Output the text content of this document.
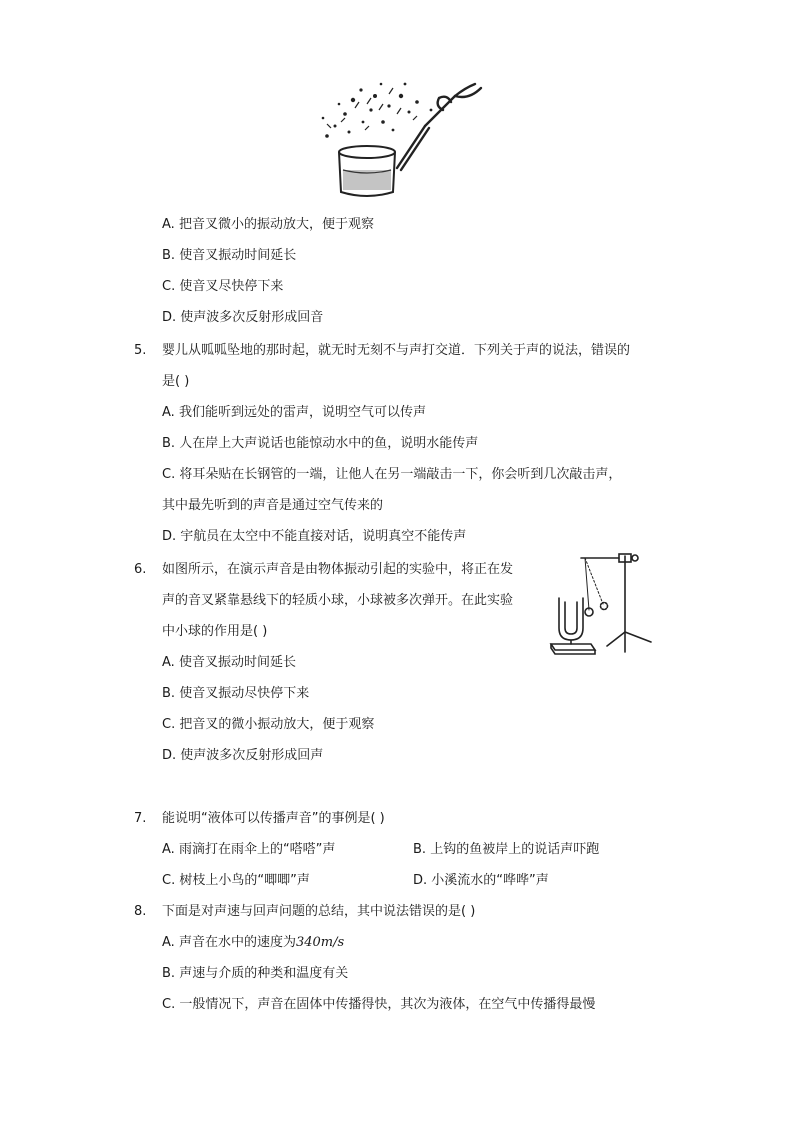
A. 把音叉微小的振动放大，便于观察
B. 使音叉振动时间延长
C. 使音叉尽快停下来
D. 使声波多次反射形成回音
5. 婴儿从呱呱坠地的那时起，就无时无刻不与声打交道．下列关于声的说法，错误的
是( )
A. 我们能听到远处的雷声，说明空气可以传声
B. 人在岸上大声说话也能惊动水中的鱼，说明水能传声
C. 将耳朵贴在长钢管的一端，让他人在另一端敲击一下，你会听到几次敲击声，
其中最先听到的声音是通过空气传来的
D. 宇航员在太空中不能直接对话，说明真空不能传声
6. 如图所示，在演示声音是由物体振动引起的实验中，将正在发
声的音叉紧靠悬线下的轻质小球，小球被多次弹开。在此实验
中小球的作用是( )
A. 使音叉振动时间延长
B. 使音叉振动尽快停下来
C. 把音叉的微小振动放大，便于观察
D. 使声波多次反射形成回声
7. 能说明“液体可以传播声音”的事例是( )
A. 雨滴打在雨伞上的“嗒嗒”声	B. 上钩的鱼被岸上的说话声吓跑
C. 树枝上小鸟的“唧唧”声	D. 小溪流水的“哗哗”声
8. 下面是对声速与回声问题的总结，其中说法错误的是( )
A. 声音在水中的速度为340m/s
B. 声速与介质的种类和温度有关
C. 一般情况下，声音在固体中传播得快，其次为液体，在空气中传播得最慢
